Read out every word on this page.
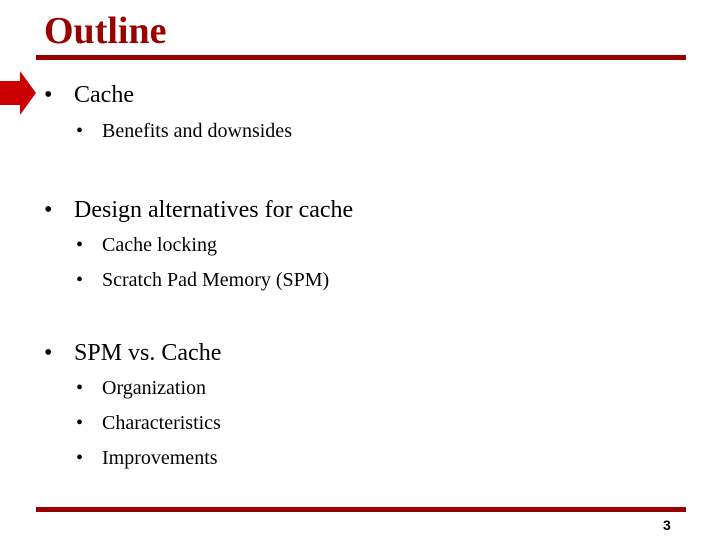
Outline
• Cache
• Benefits and downsides
• Design alternatives for cache
• Cache locking
• Scratch Pad Memory (SPM)
• SPM vs. Cache
• Organization
• Characteristics
• Improvements
3
